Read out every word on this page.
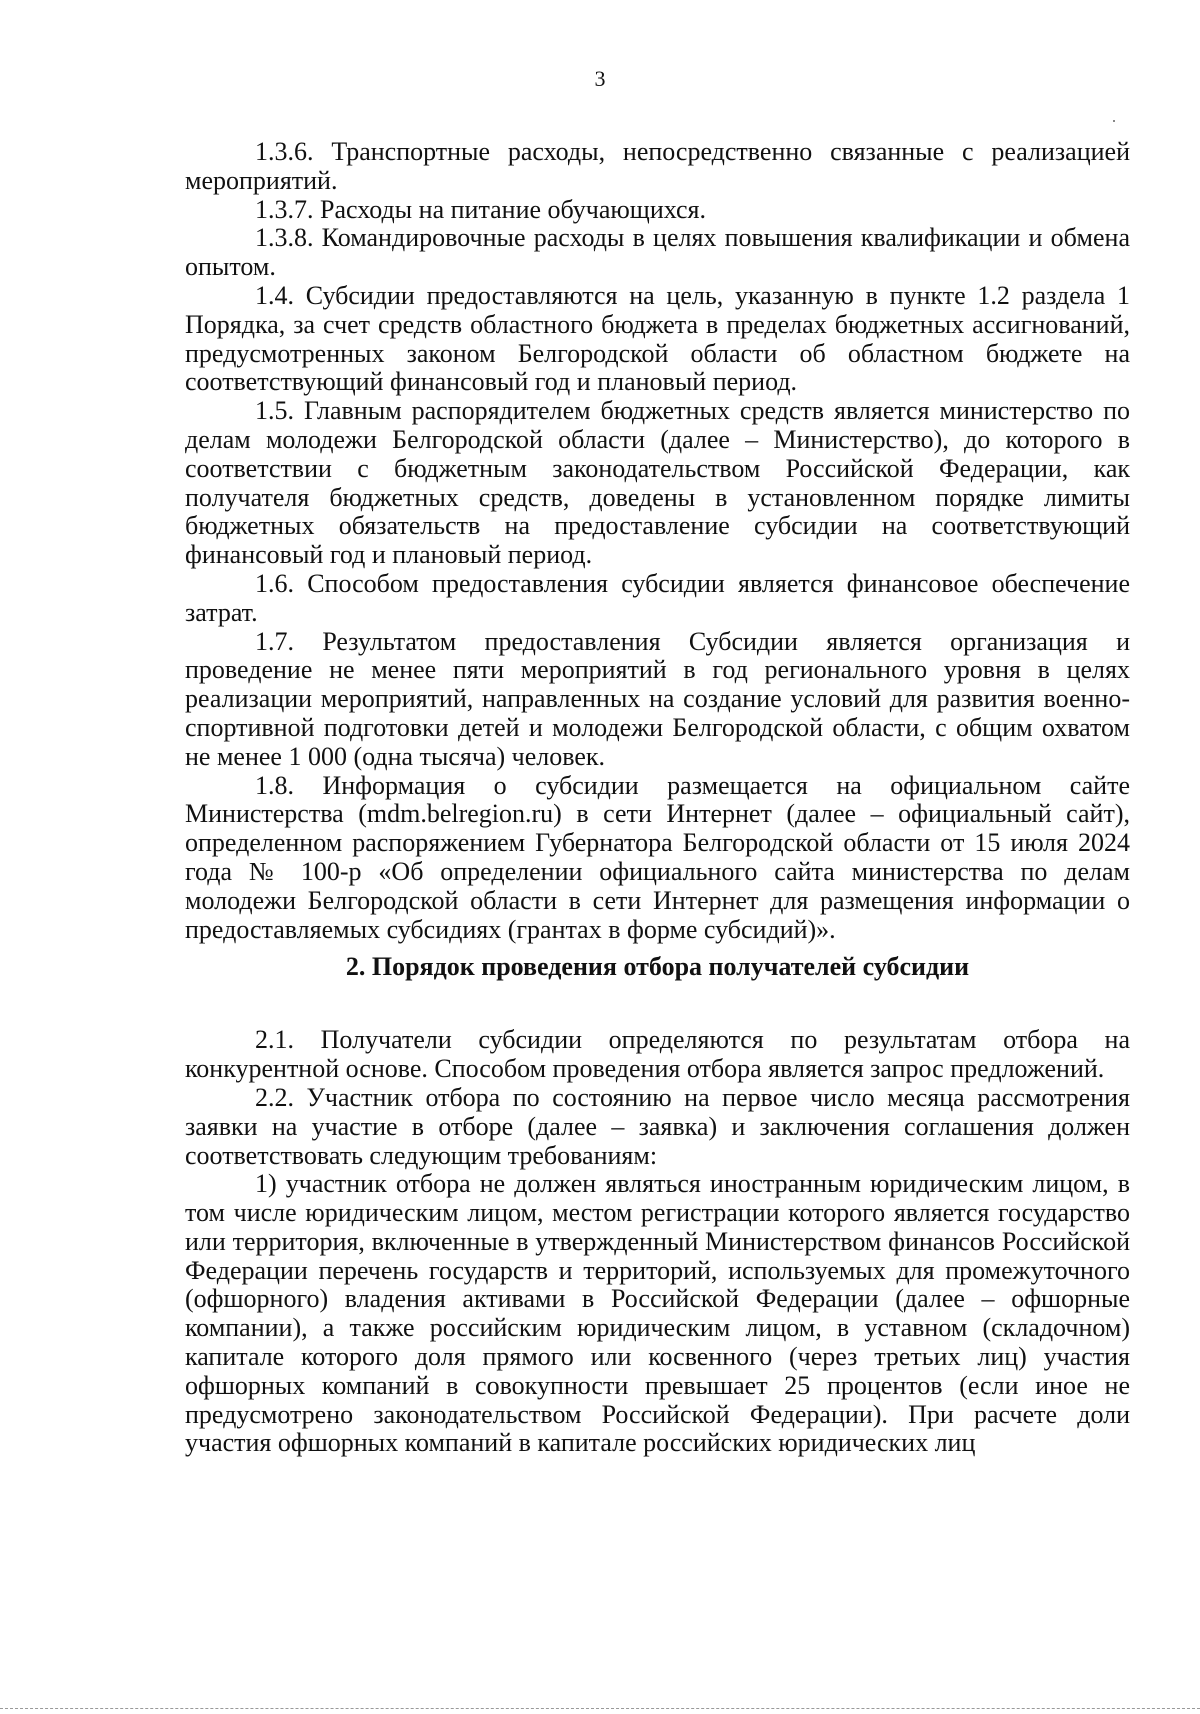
3

1.3.6. Транспортные расходы, непосредственно связанные с реализацией мероприятий.

1.3.7. Расходы на питание обучающихся.

1.3.8. Командировочные расходы в целях повышения квалификации и обмена опытом.

1.4. Субсидии предоставляются на цель, указанную в пункте 1.2 раздела 1 Порядка, за счет средств областного бюджета в пределах бюджетных ассигнований, предусмотренных законом Белгородской области об областном бюджете на соответствующий финансовый год и плановый период.

1.5. Главным распорядителем бюджетных средств является министерство по делам молодежи Белгородской области (далее – Министерство), до которого в соответствии с бюджетным законодательством Российской Федерации, как получателя бюджетных средств, доведены в установленном порядке лимиты бюджетных обязательств на предоставление субсидии на соответствующий финансовый год и плановый период.

1.6. Способом предоставления субсидии является финансовое обеспечение затрат.

1.7. Результатом предоставления Субсидии является организация и проведение не менее пяти мероприятий в год регионального уровня в целях реализации мероприятий, направленных на создание условий для развития военно-спортивной подготовки детей и молодежи Белгородской области, с общим охватом не менее 1 000 (одна тысяча) человек.

1.8. Информация о субсидии размещается на официальном сайте Министерства (mdm.belregion.ru) в сети Интернет (далее – официальный сайт), определенном распоряжением Губернатора Белгородской области от 15 июля 2024 года № 100-р «Об определении официального сайта министерства по делам молодежи Белгородской области в сети Интернет для размещения информации о предоставляемых субсидиях (грантах в форме субсидий)».

2. Порядок проведения отбора получателей субсидии

2.1. Получатели субсидии определяются по результатам отбора на конкурентной основе. Способом проведения отбора является запрос предложений.

2.2. Участник отбора по состоянию на первое число месяца рассмотрения заявки на участие в отборе (далее – заявка) и заключения соглашения должен соответствовать следующим требованиям:

1) участник отбора не должен являться иностранным юридическим лицом, в том числе юридическим лицом, местом регистрации которого является государство или территория, включенные в утвержденный Министерством финансов Российской Федерации перечень государств и территорий, используемых для промежуточного (офшорного) владения активами в Российской Федерации (далее – офшорные компании), а также российским юридическим лицом, в уставном (складочном) капитале которого доля прямого или косвенного (через третьих лиц) участия офшорных компаний в совокупности превышает 25 процентов (если иное не предусмотрено законодательством Российской Федерации). При расчете доли участия офшорных компаний в капитале российских юридических лиц
